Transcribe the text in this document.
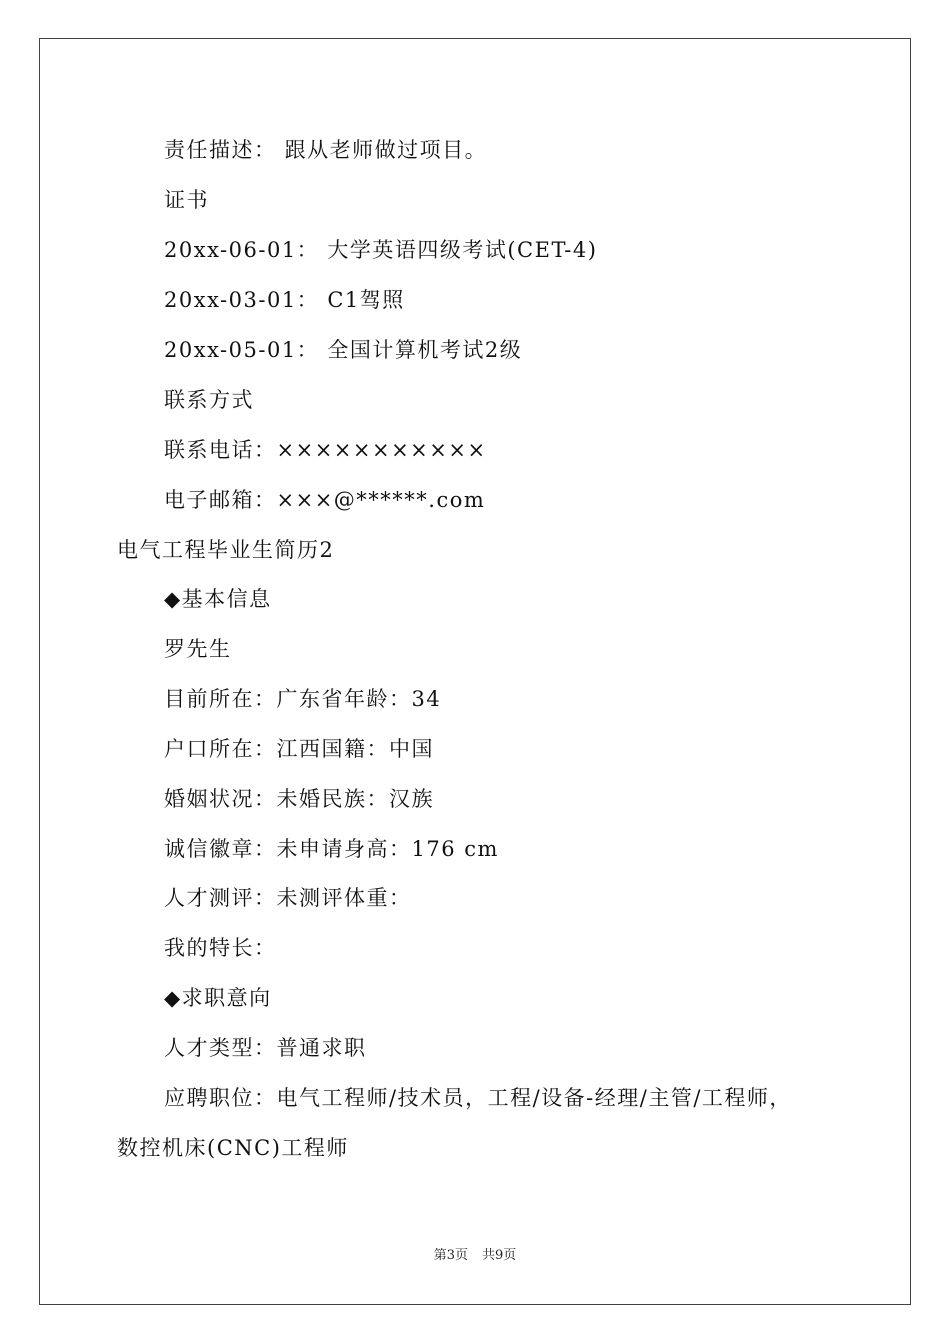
责任描述： 跟从老师做过项目。
证书
20xx-06-01： 大学英语四级考试(CET-4)
20xx-03-01： C1驾照
20xx-05-01： 全国计算机考试2级
联系方式
联系电话：×××××××××××
电子邮箱：×××@******.com
电气工程毕业生简历2
◆基本信息
罗先生
目前所在：广东省年龄：34
户口所在：江西国籍：中国
婚姻状况：未婚民族：汉族
诚信徽章：未申请身高：176 cm
人才测评：未测评体重：
我的特长：
◆求职意向
人才类型：普通求职
应聘职位：电气工程师/技术员，工程/设备-经理/主管/工程师，
数控机床(CNC)工程师
第3页 共9页
